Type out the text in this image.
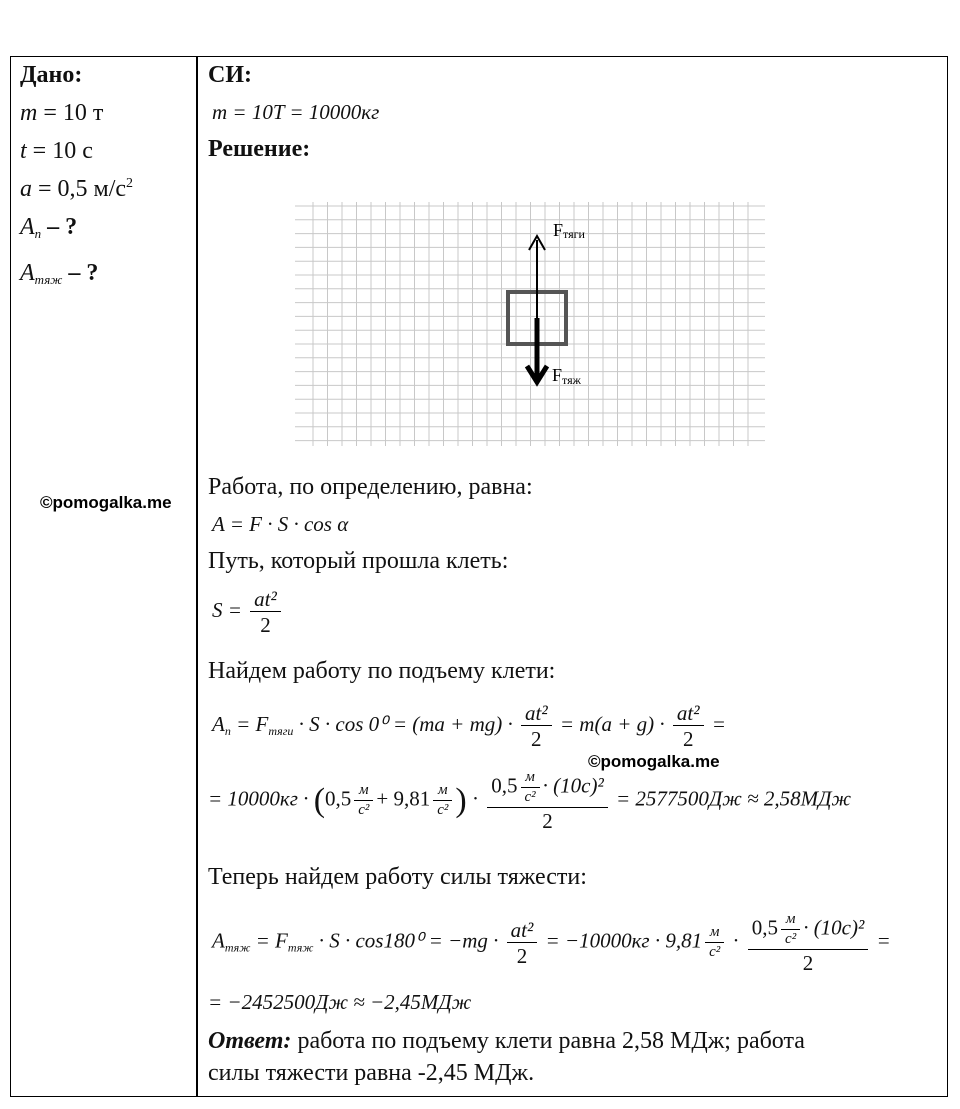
Дано:
m = 10 т
t = 10 с
a = 0,5 $м/с^2$
$A_n$ – ?
$A_{тяж}$ – ?
©pomogalka.me
СИ:
m = 10T = 10000кг
Решение:
Fтяги
Fтяж
Работа, по определению, равна:
A = F · S · cos α
Путь, который прошла клеть:
$S = \frac{\text{at²}}{2}$
Найдем работу по подъему клети:
An = Fтяги · $S \cdot \cos 0^0 = (ma + mg) \cdot \frac{\text{at²}}{2} = m(a + g) \cdot \frac{\text{at²}}{2}$ =
©pomogalka.me
= $10000кг \cdot (0,5 \frac{м}{\text{с²}} + 9,81 \frac{м}{\text{с²}}$ ) · $\frac{0,5 \frac{м}{\text{с²}} \cdot (10с)^2}{2} = 2577500Дж \approx 2,58МДж$
Теперь найдем работу силы тяжести:
Aтяж = Fтяж · $S \cdot \cos 180^0 = -mg \cdot \frac{\text{at²}}{2} = -10000кг \cdot 9,81 \frac{м}{\text{с²}} \cdot \frac{0,5 \frac{м}{\text{с²}} \cdot (10с)^2}{2}$ =
= −2452500Дж ≈ −2,45МДж
Ответ: работа по подъему клети равна 2,58 МДж; работа
силы тяжести равна -2,45 МДж.
